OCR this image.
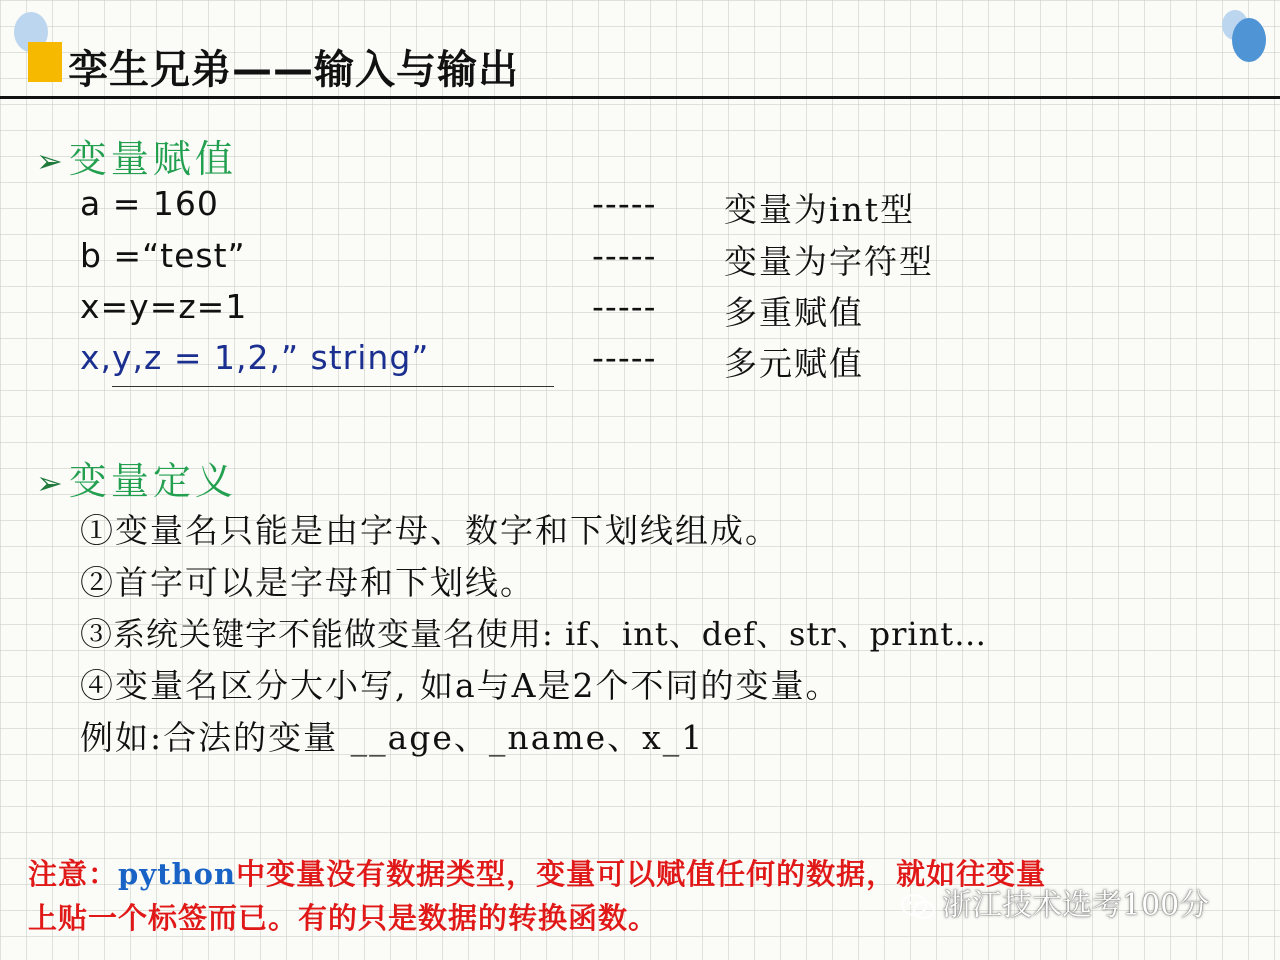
孪生兄弟——输入与输出
➢ 变量赋值
a = 160	----- 变量为int型
b =“test”	----- 变量为字符型
x=y=z=1	----- 多重赋值
x,y,z = 1,2,” string”	----- 多元赋值
➢ 变量定义
①变量名只能是由字母、数字和下划线组成。
②首字可以是字母和下划线。
③系统关键字不能做变量名使用: if、int、def、str、print…
④变量名区分大小写, 如a与A是2个不同的变量。
例如:合法的变量 __age、_name、x_1
注意：python中变量没有数据类型，变量可以赋值任何的数据，就如往变量
上贴一个标签而已。有的只是数据的转换函数。	浙江技术选考100分
